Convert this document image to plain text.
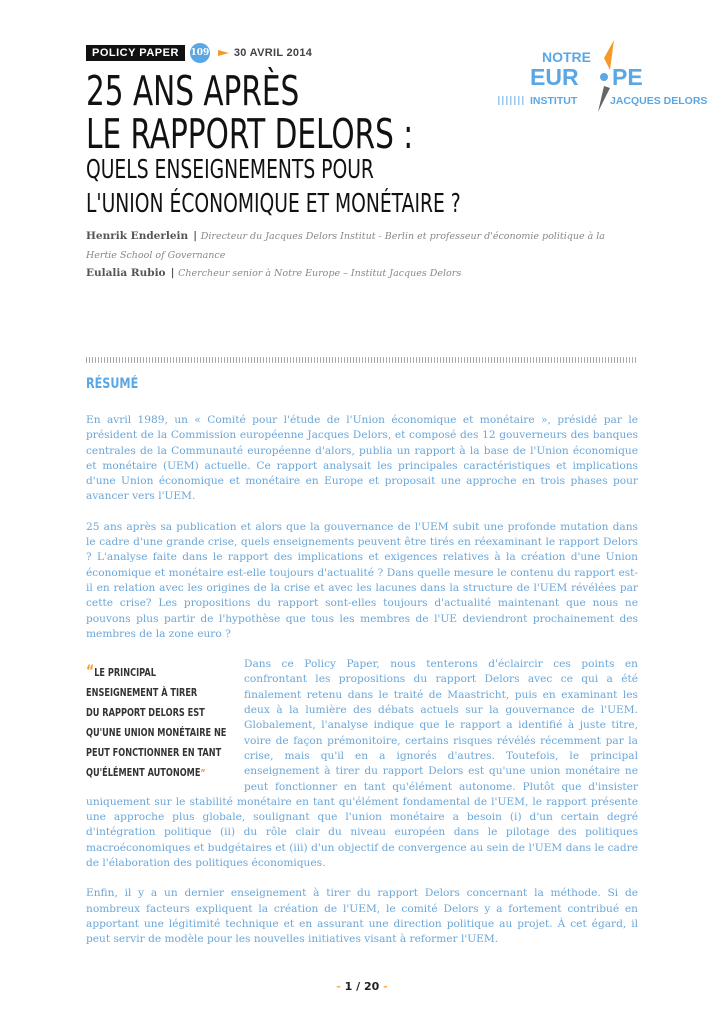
POLICY PAPER	109 30 AVRIL 2014	NOTRE
EUR PE
INSTITUT	JACQUES DELORS
25 ANS APRÈS
LE RAPPORT DELORS :
QUELS ENSEIGNEMENTS POUR
L'UNION ÉCONOMIQUE ET MONÉTAIRE ?
Henrik Enderlein | Directeur du Jacques Delors Institut - Berlin et professeur d'économie politique à la Hertie School of Governance
Eulalia Rubio | Chercheur senior à Notre Europe – Institut Jacques Delors
RÉSUMÉ

En avril 1989, un « Comité pour l'étude de l'Union économique et monétaire », présidé par le président de la Commission européenne Jacques Delors, et composé des 12 gouverneurs des banques centrales de la Communauté européenne d'alors, publia un rapport à la base de l'Union économique et monétaire (UEM) actuelle. Ce rapport analysait les principales caractéristiques et implications d'une Union économique et monétaire en Europe et proposait une approche en trois phases pour avancer vers l'UEM.

25 ans après sa publication et alors que la gouvernance de l'UEM subit une profonde mutation dans le cadre d'une grande crise, quels enseignements peuvent être tirés en réexaminant le rapport Delors ? L'analyse faite dans le rapport des implications et exigences relatives à la création d'une Union économique et monétaire est-elle toujours d'actualité ? Dans quelle mesure le contenu du rapport est-il en relation avec les origines de la crise et avec les lacunes dans la structure de l'UEM révélées par cette crise? Les propositions du rapport sont-elles toujours d'actualité maintenant que nous ne pouvons plus partir de l'hypothèse que tous les membres de l'UE deviendront prochainement des membres de la zone euro ?

“LE PRINCIPAL
ENSEIGNEMENT À TIRER
DU RAPPORT DELORS EST
QU'UNE UNION MONÉTAIRE NE
PEUT FONCTIONNER EN TANT
QU'ÉLÉMENT AUTONOME”

Dans ce Policy Paper, nous tenterons d'éclaircir ces points en confrontant les propositions du rapport Delors avec ce qui a été finalement retenu dans le traité de Maastricht, puis en examinant les deux à la lumière des débats actuels sur la gouvernance de l'UEM. Globalement, l'analyse indique que le rapport a identifié à juste titre, voire de façon prémonitoire, certains risques révélés récemment par la crise, mais qu'il en a ignorés d'autres. Toutefois, le principal enseignement à tirer du rapport Delors est qu'une union monétaire ne peut fonctionner en tant qu'élément autonome. Plutôt que d'insister uniquement sur le stabilité monétaire en tant qu'élément fondamental de l'UEM, le rapport présente une approche plus globale, soulignant que l'union monétaire a besoin (i) d'un certain degré d'intégration politique (ii) du rôle clair du niveau européen dans le pilotage des politiques macroéconomiques et budgétaires et (iii) d'un objectif de convergence au sein de l'UEM dans le cadre de l'élaboration des politiques économiques.

Enfin, il y a un dernier enseignement à tirer du rapport Delors concernant la méthode. Si de nombreux facteurs expliquent la création de l'UEM, le comité Delors y a fortement contribué en apportant une légitimité technique et en assurant une direction politique au projet. À cet égard, il peut servir de modèle pour les nouvelles initiatives visant à reformer l'UEM.

- 1 / 20 -
